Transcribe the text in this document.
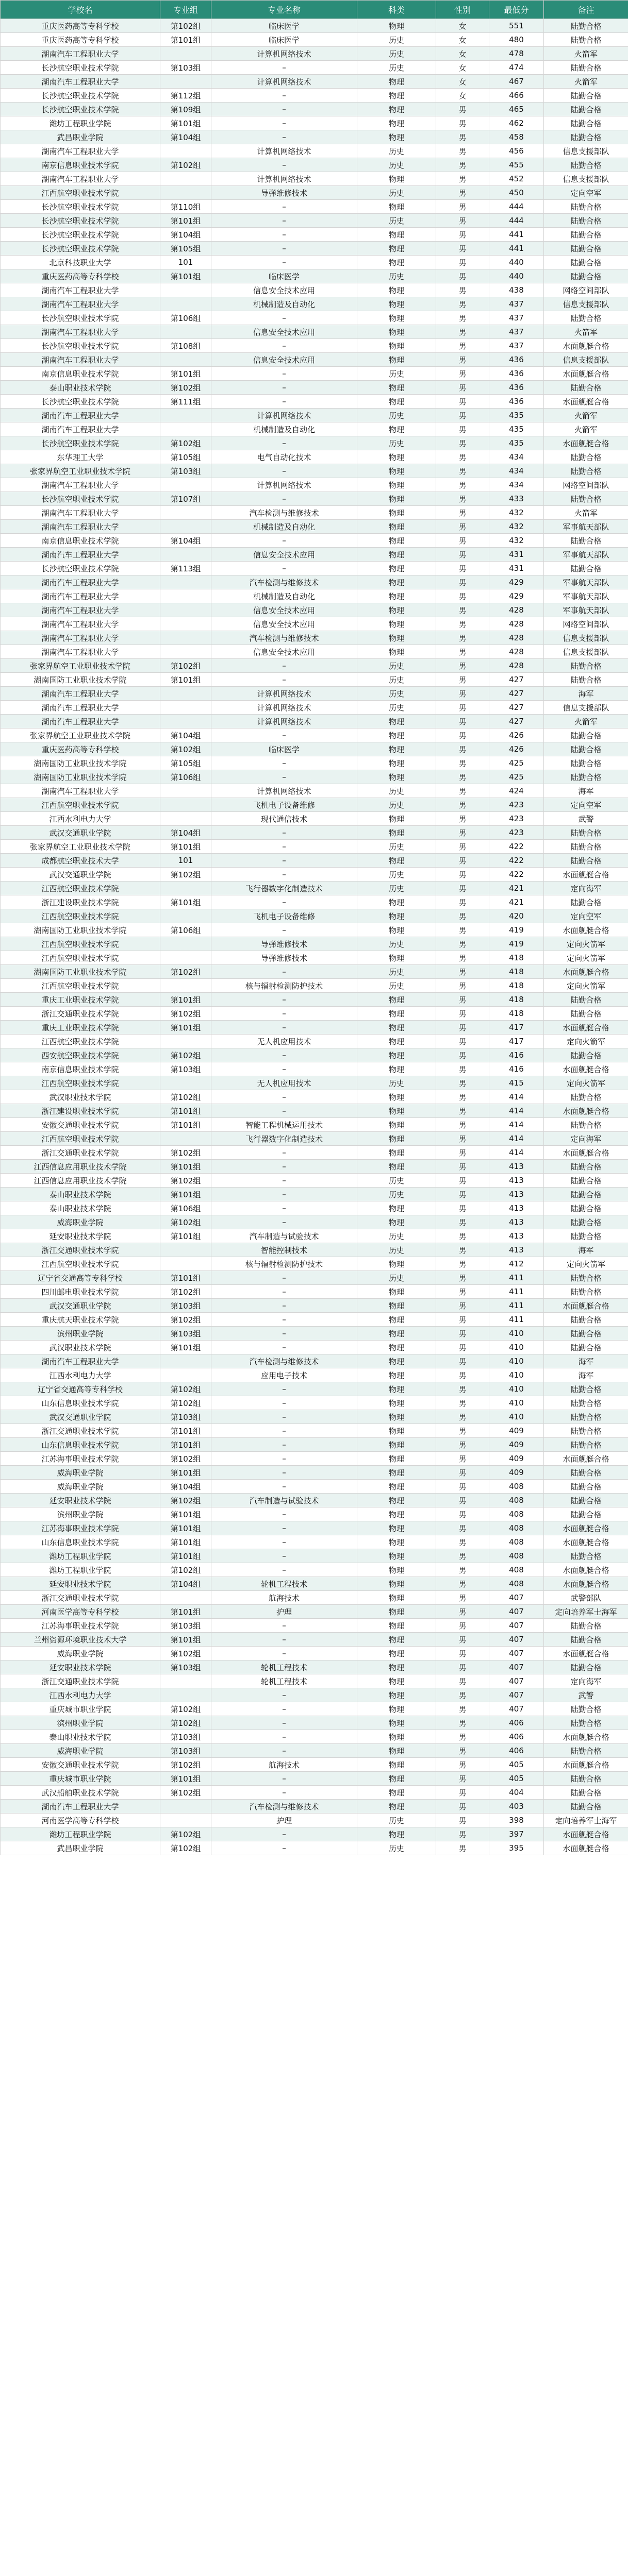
学校名	专业组	专业名称	科类	性别	最低分	备注
重庆医药高等专科学校	第102组	临床医学	物理	女	551	陆勤合格
重庆医药高等专科学校	第101组	临床医学	历史	女	480	陆勤合格
湖南汽车工程职业大学		计算机网络技术	历史	女	478	火箭军
长沙航空职业技术学院	第103组	–	历史	女	474	陆勤合格
湖南汽车工程职业大学		计算机网络技术	物理	女	467	火箭军
长沙航空职业技术学院	第112组	–	物理	女	466	陆勤合格
长沙航空职业技术学院	第109组	–	物理	男	465	陆勤合格
潍坊工程职业学院	第101组	–	物理	男	462	陆勤合格
武昌职业学院	第104组	–	物理	男	458	陆勤合格
湖南汽车工程职业大学		计算机网络技术	历史	男	456	信息支援部队
南京信息职业技术学院	第102组	–	历史	男	455	陆勤合格
湖南汽车工程职业大学		计算机网络技术	物理	男	452	信息支援部队
江西航空职业技术学院		导弹维修技术	历史	男	450	定向空军
长沙航空职业技术学院	第110组	–	物理	男	444	陆勤合格
长沙航空职业技术学院	第101组	–	历史	男	444	陆勤合格
长沙航空职业技术学院	第104组	–	物理	男	441	陆勤合格
长沙航空职业技术学院	第105组	–	物理	男	441	陆勤合格
北京科技职业大学	101	–	物理	男	440	陆勤合格
重庆医药高等专科学校	第101组	临床医学	历史	男	440	陆勤合格
湖南汽车工程职业大学		信息安全技术应用	物理	男	438	网络空间部队
湖南汽车工程职业大学		机械制造及自动化	物理	男	437	信息支援部队
长沙航空职业技术学院	第106组	–	物理	男	437	陆勤合格
湖南汽车工程职业大学		信息安全技术应用	物理	男	437	火箭军
长沙航空职业技术学院	第108组	–	物理	男	437	水面舰艇合格
湖南汽车工程职业大学		信息安全技术应用	物理	男	436	信息支援部队
南京信息职业技术学院	第101组	–	历史	男	436	水面舰艇合格
泰山职业技术学院	第102组	–	物理	男	436	陆勤合格
长沙航空职业技术学院	第111组	–	物理	男	436	水面舰艇合格
湖南汽车工程职业大学		计算机网络技术	历史	男	435	火箭军
湖南汽车工程职业大学		机械制造及自动化	物理	男	435	火箭军
长沙航空职业技术学院	第102组	–	历史	男	435	水面舰艇合格
东华理工大学	第105组	电气自动化技术	物理	男	434	陆勤合格
张家界航空工业职业技术学院	第103组	–	物理	男	434	陆勤合格
湖南汽车工程职业大学		计算机网络技术	物理	男	434	网络空间部队
长沙航空职业技术学院	第107组	–	物理	男	433	陆勤合格
湖南汽车工程职业大学		汽车检测与维修技术	物理	男	432	火箭军
湖南汽车工程职业大学		机械制造及自动化	物理	男	432	军事航天部队
南京信息职业技术学院	第104组	–	物理	男	432	陆勤合格
湖南汽车工程职业大学		信息安全技术应用	物理	男	431	军事航天部队
长沙航空职业技术学院	第113组	–	物理	男	431	陆勤合格
湖南汽车工程职业大学		汽车检测与维修技术	物理	男	429	军事航天部队
湖南汽车工程职业大学		机械制造及自动化	物理	男	429	军事航天部队
湖南汽车工程职业大学		信息安全技术应用	物理	男	428	军事航天部队
湖南汽车工程职业大学		信息安全技术应用	物理	男	428	网络空间部队
湖南汽车工程职业大学		汽车检测与维修技术	物理	男	428	信息支援部队
湖南汽车工程职业大学		信息安全技术应用	物理	男	428	信息支援部队
张家界航空工业职业技术学院	第102组	–	历史	男	428	陆勤合格
湖南国防工业职业技术学院	第101组	–	历史	男	427	陆勤合格
湖南汽车工程职业大学		计算机网络技术	历史	男	427	海军
湖南汽车工程职业大学		计算机网络技术	历史	男	427	信息支援部队
湖南汽车工程职业大学		计算机网络技术	物理	男	427	火箭军
张家界航空工业职业技术学院	第104组	–	物理	男	426	陆勤合格
重庆医药高等专科学校	第102组	临床医学	物理	男	426	陆勤合格
湖南国防工业职业技术学院	第105组	–	物理	男	425	陆勤合格
湖南国防工业职业技术学院	第106组	–	物理	男	425	陆勤合格
湖南汽车工程职业大学		计算机网络技术	历史	男	424	海军
江西航空职业技术学院		飞机电子设备维修	历史	男	423	定向空军
江西水利电力大学		现代通信技术	物理	男	423	武警
武汉交通职业学院	第104组	–	物理	男	423	陆勤合格
张家界航空工业职业技术学院	第101组	–	历史	男	422	陆勤合格
成都航空职业技术大学	101	–	物理	男	422	陆勤合格
武汉交通职业学院	第102组	–	历史	男	422	水面舰艇合格
江西航空职业技术学院		飞行器数字化制造技术	历史	男	421	定向海军
浙江建设职业技术学院	第101组	–	物理	男	421	陆勤合格
江西航空职业技术学院		飞机电子设备维修	物理	男	420	定向空军
湖南国防工业职业技术学院	第106组	–	物理	男	419	水面舰艇合格
江西航空职业技术学院		导弹维修技术	历史	男	419	定向火箭军
江西航空职业技术学院		导弹维修技术	物理	男	418	定向火箭军
湖南国防工业职业技术学院	第102组	–	历史	男	418	水面舰艇合格
江西航空职业技术学院		核与辐射检测防护技术	历史	男	418	定向火箭军
重庆工业职业技术学院	第101组	–	物理	男	418	陆勤合格
浙江交通职业技术学院	第102组	–	物理	男	418	陆勤合格
重庆工业职业技术学院	第101组	–	物理	男	417	水面舰艇合格
江西航空职业技术学院		无人机应用技术	物理	男	417	定向火箭军
西安航空职业技术学院	第102组	–	物理	男	416	陆勤合格
南京信息职业技术学院	第103组	–	物理	男	416	水面舰艇合格
江西航空职业技术学院		无人机应用技术	历史	男	415	定向火箭军
武汉职业技术学院	第102组	–	物理	男	414	陆勤合格
浙江建设职业技术学院	第101组	–	物理	男	414	水面舰艇合格
安徽交通职业技术学院	第101组	智能工程机械运用技术	物理	男	414	陆勤合格
江西航空职业技术学院		飞行器数字化制造技术	物理	男	414	定向海军
浙江交通职业技术学院	第102组	–	物理	男	414	水面舰艇合格
江西信息应用职业技术学院	第101组	–	物理	男	413	陆勤合格
江西信息应用职业技术学院	第102组	–	历史	男	413	陆勤合格
泰山职业技术学院	第101组	–	历史	男	413	陆勤合格
泰山职业技术学院	第106组	–	物理	男	413	陆勤合格
威海职业学院	第102组	–	物理	男	413	陆勤合格
延安职业技术学院	第101组	汽车制造与试验技术	历史	男	413	陆勤合格
浙江交通职业技术学院		智能控制技术	历史	男	413	海军
江西航空职业技术学院		核与辐射检测防护技术	物理	男	412	定向火箭军
辽宁省交通高等专科学校	第101组	–	历史	男	411	陆勤合格
四川邮电职业技术学院	第102组	–	物理	男	411	陆勤合格
武汉交通职业学院	第103组	–	物理	男	411	水面舰艇合格
重庆航天职业技术学院	第102组	–	物理	男	411	陆勤合格
滨州职业学院	第103组	–	物理	男	410	陆勤合格
武汉职业技术学院	第101组	–	物理	男	410	陆勤合格
湖南汽车工程职业大学		汽车检测与维修技术	物理	男	410	海军
江西水利电力大学		应用电子技术	物理	男	410	海军
辽宁省交通高等专科学校	第102组	–	物理	男	410	陆勤合格
山东信息职业技术学院	第102组	–	物理	男	410	陆勤合格
武汉交通职业学院	第103组	–	物理	男	410	陆勤合格
浙江交通职业技术学院	第101组	–	物理	男	409	陆勤合格
山东信息职业技术学院	第101组	–	物理	男	409	陆勤合格
江苏海事职业技术学院	第102组	–	物理	男	409	水面舰艇合格
威海职业学院	第101组	–	物理	男	409	陆勤合格
威海职业学院	第104组	–	物理	男	408	陆勤合格
延安职业技术学院	第102组	汽车制造与试验技术	物理	男	408	陆勤合格
滨州职业学院	第101组	–	物理	男	408	陆勤合格
江苏海事职业技术学院	第101组	–	物理	男	408	水面舰艇合格
山东信息职业技术学院	第101组	–	物理	男	408	水面舰艇合格
潍坊工程职业学院	第101组	–	物理	男	408	陆勤合格
潍坊工程职业学院	第102组	–	物理	男	408	水面舰艇合格
延安职业技术学院	第104组	轮机工程技术	物理	男	408	水面舰艇合格
浙江交通职业技术学院		航海技术	物理	男	407	武警部队
河南医学高等专科学校	第101组	护理	物理	男	407	定向培养军士海军
江苏海事职业技术学院	第103组	–	物理	男	407	陆勤合格
兰州资源环境职业技术大学	第101组	–	物理	男	407	陆勤合格
威海职业学院	第102组	–	物理	男	407	水面舰艇合格
延安职业技术学院	第103组	轮机工程技术	物理	男	407	陆勤合格
浙江交通职业技术学院		轮机工程技术	物理	男	407	定向海军
江西水利电力大学		–	物理	男	407	武警
重庆城市职业学院	第102组	–	物理	男	407	陆勤合格
滨州职业学院	第102组	–	物理	男	406	陆勤合格
泰山职业技术学院	第103组	–	物理	男	406	水面舰艇合格
威海职业学院	第103组	–	物理	男	406	陆勤合格
安徽交通职业技术学院	第102组	航海技术	物理	男	405	水面舰艇合格
重庆城市职业学院	第101组	–	物理	男	405	陆勤合格
武汉船舶职业技术学院	第102组	–	物理	男	404	陆勤合格
湖南汽车工程职业大学		汽车检测与维修技术	物理	男	403	陆勤合格
河南医学高等专科学校		护理	历史	男	398	定向培养军士海军
潍坊工程职业学院	第102组	–	物理	男	397	水面舰艇合格
武昌职业学院	第102组	–	历史	男	395	水面舰艇合格
